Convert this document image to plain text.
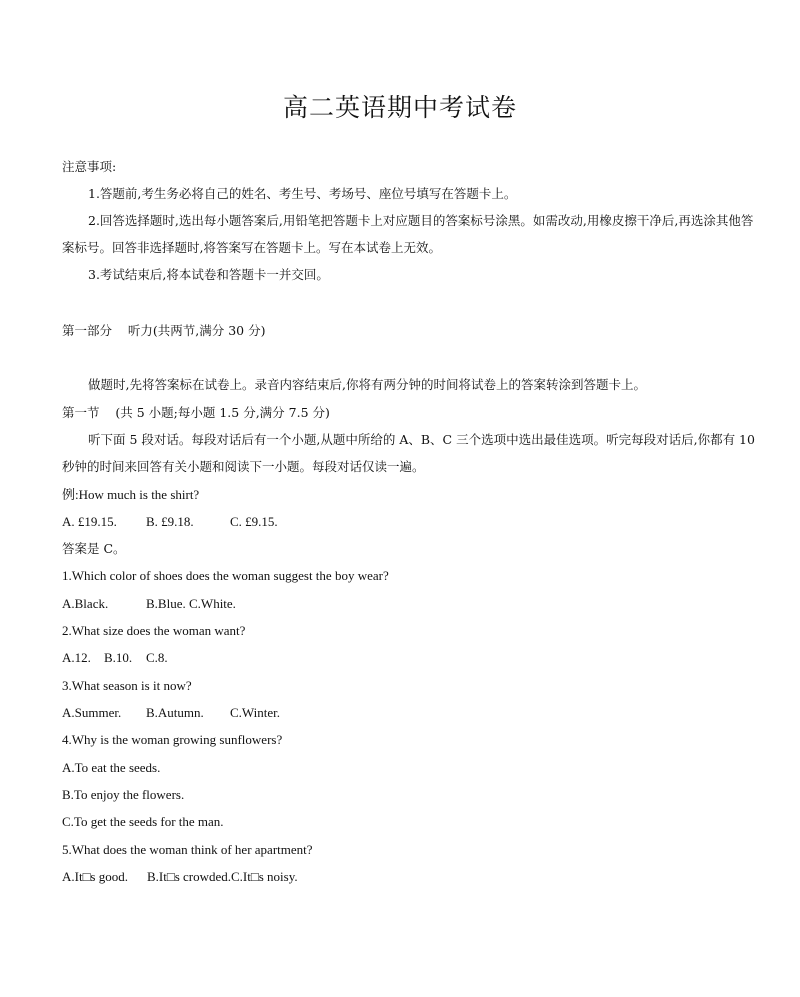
高二英语期中考试卷
注意事项:
1.答题前,考生务必将自己的姓名、考生号、考场号、座位号填写在答题卡上。
2.回答选择题时,选出每小题答案后,用铅笔把答题卡上对应题目的答案标号涂黑。如需改动,用橡皮擦干净后,再选涂其他答
案标号。回答非选择题时,将答案写在答题卡上。写在本试卷上无效。
3.考试结束后,将本试卷和答题卡一并交回。
第一部分    听力(共两节,满分 30 分)
做题时,先将答案标在试卷上。录音内容结束后,你将有两分钟的时间将试卷上的答案转涂到答题卡上。
第一节    (共 5 小题;每小题 1.5 分,满分 7.5 分)
听下面 5 段对话。每段对话后有一个小题,从题中所给的 A、B、C 三个选项中选出最佳选项。听完每段对话后,你都有 10
秒钟的时间来回答有关小题和阅读下一小题。每段对话仅读一遍。
例:How much is the shirt?
A. £19.15. B. £9.18.	C. £9.15.
答案是 C。
1.Which color of shoes does the woman suggest the boy wear?
A.Black.	B.Blue. C.White.
2.What size does the woman want?
A.12. B.10. C.8.
3.What season is it now?
A.Summer. B.Autumn. C.Winter.
4.Why is the woman growing sunflowers?
A.To eat the seeds.
B.To enjoy the flowers.
C.To get the seeds for the man.
5.What does the woman think of her apartment?
A.It□s good. B.It□s crowded.C.It□s noisy.
